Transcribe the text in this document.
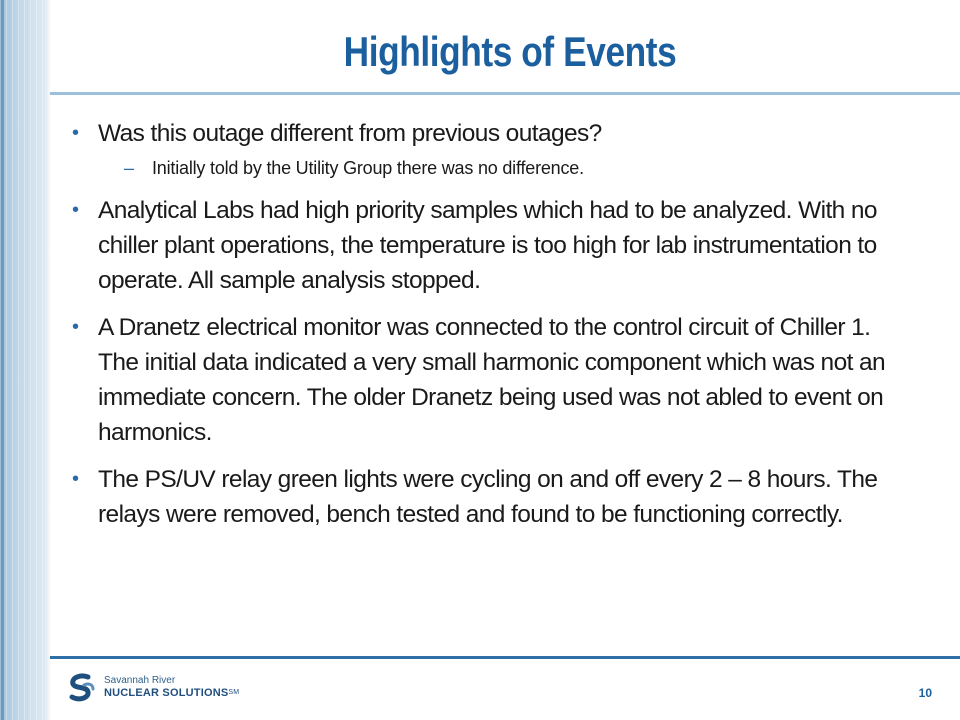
Highlights of Events
• Was this outage different from previous outages?
– Initially told by the Utility Group there was no difference.
• Analytical Labs had high priority samples which had to be analyzed. With no chiller plant operations, the temperature is too high for lab instrumentation to operate. All sample analysis stopped.
• A Dranetz electrical monitor was connected to the control circuit of Chiller 1. The initial data indicated a very small harmonic component which was not an immediate concern. The older Dranetz being used was not abled to event on harmonics.
• The PS/UV relay green lights were cycling on and off every 2 – 8 hours. The relays were removed, bench tested and found to be functioning correctly.
Savannah River
NUCLEAR SOLUTIONS℠	10
